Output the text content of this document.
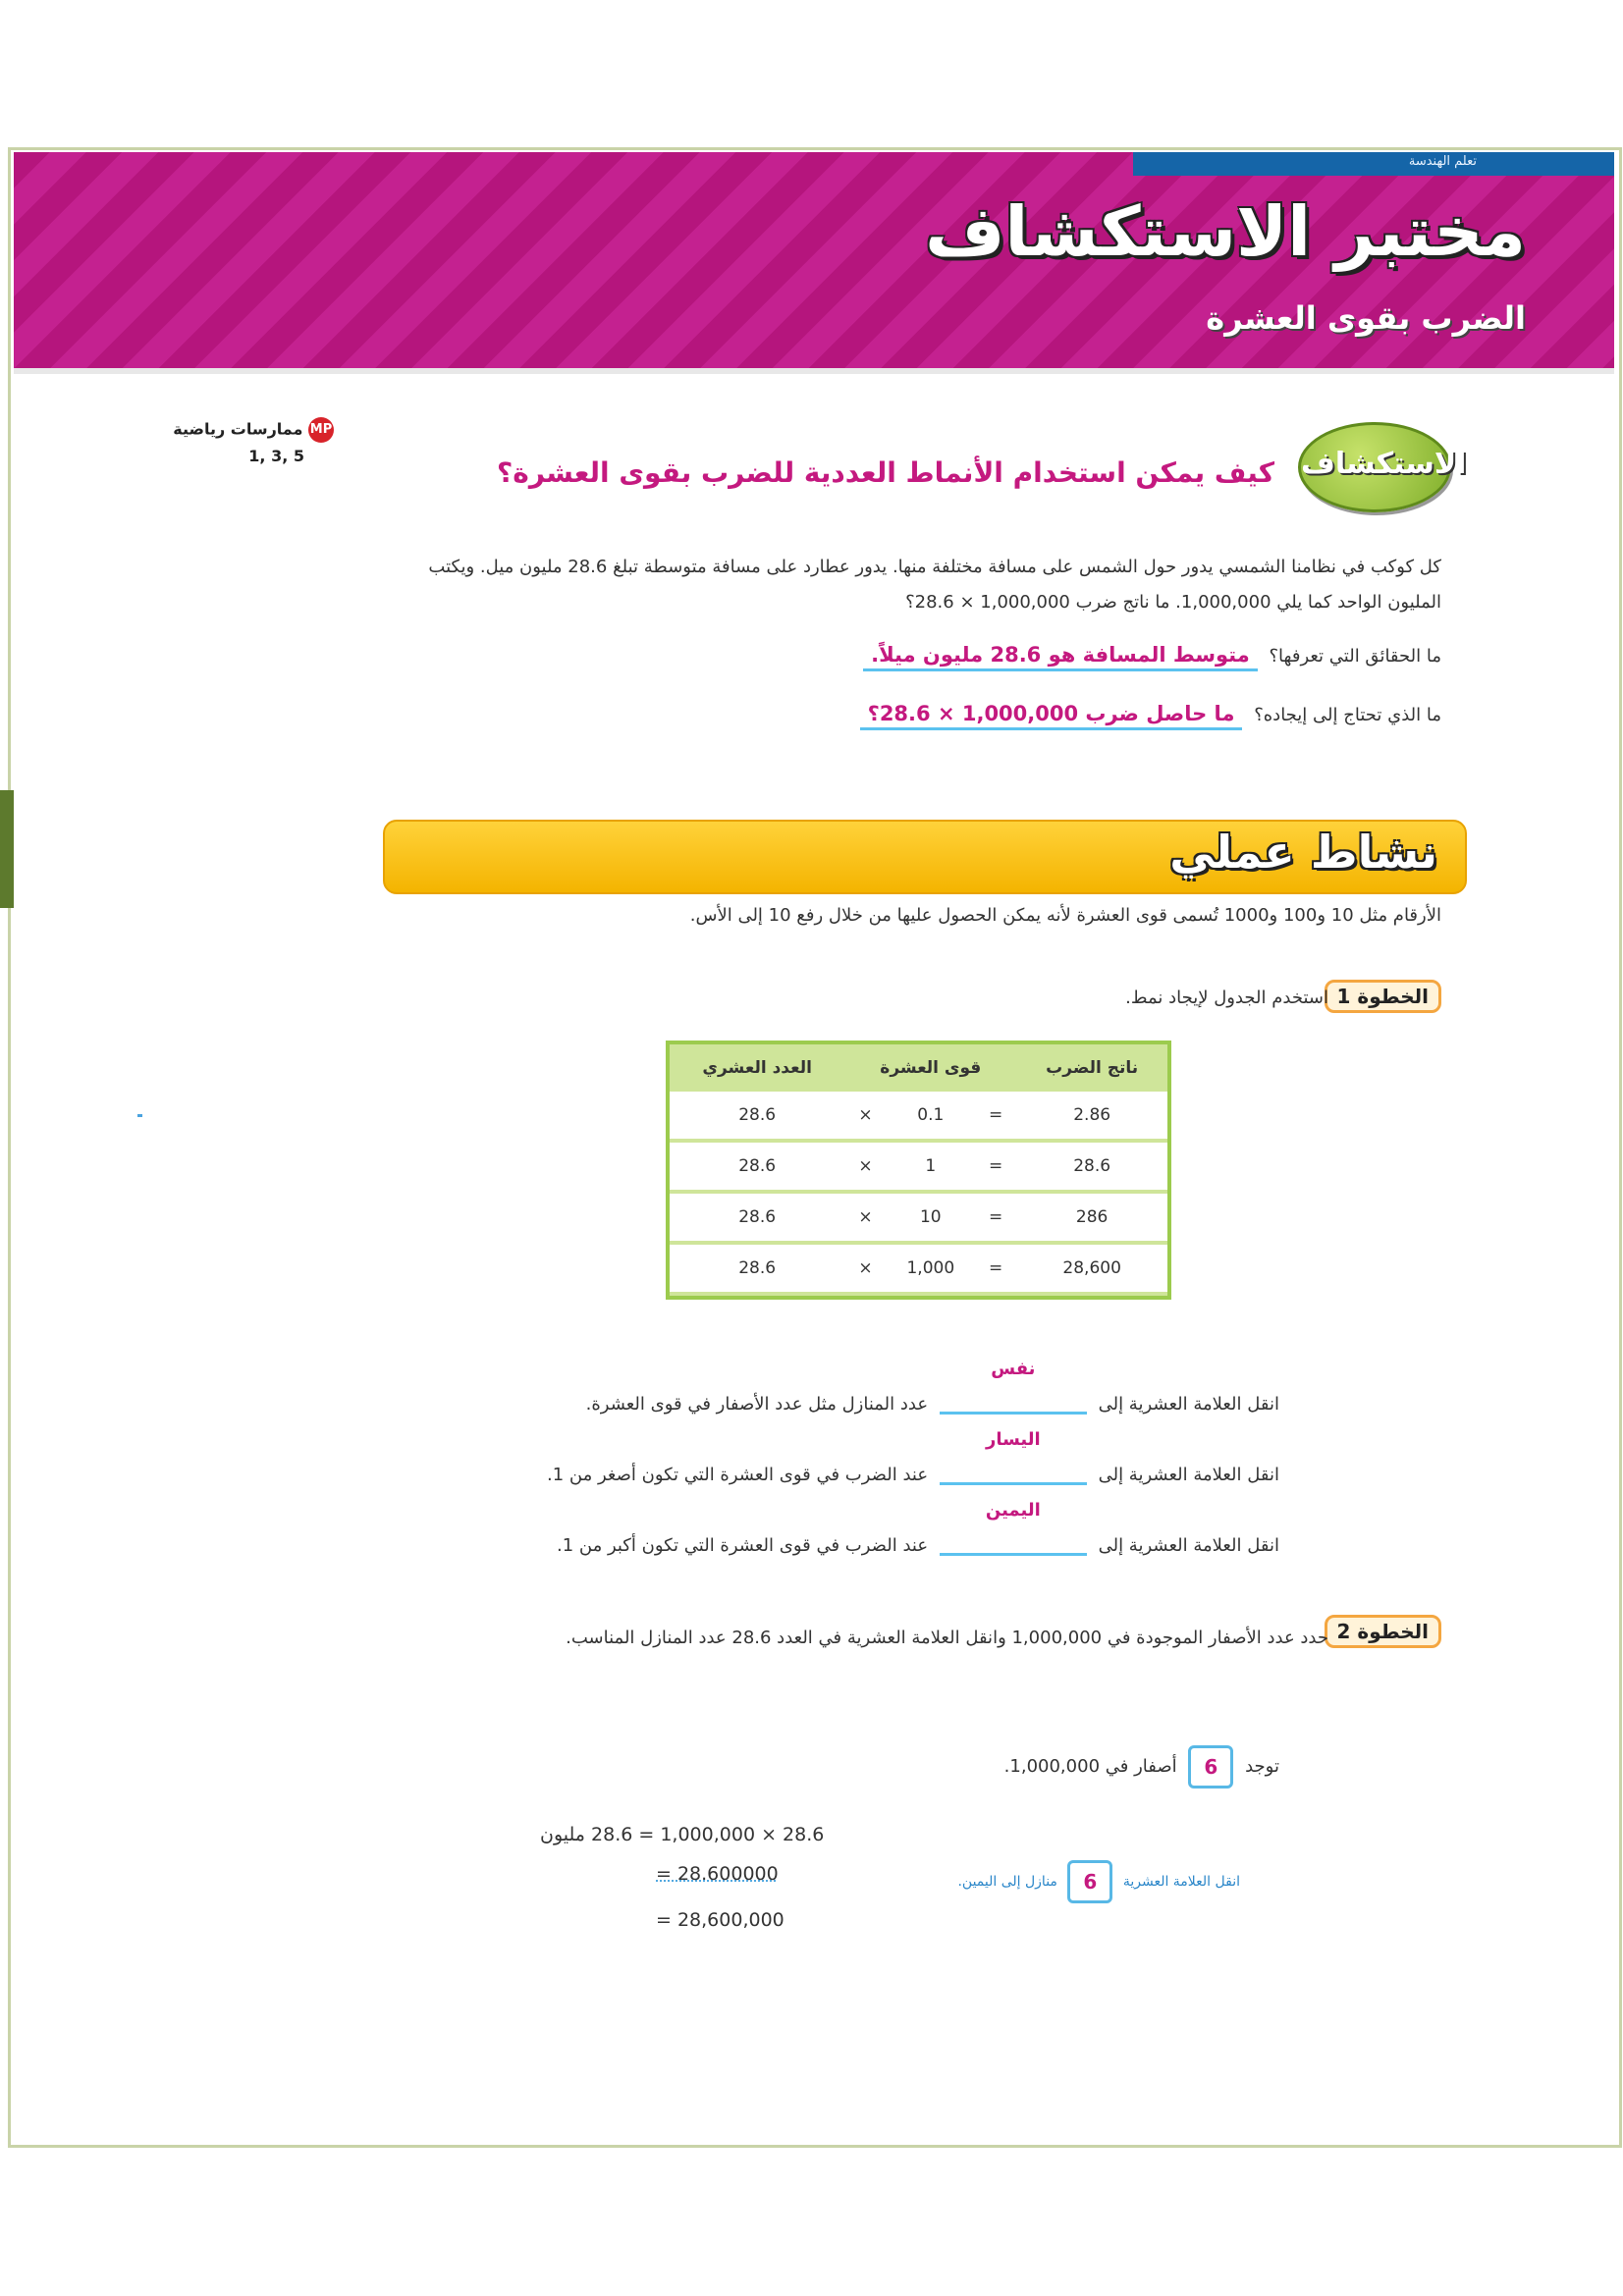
تعلم الهندسة
مختبر الاستكشاف
الضرب بقوى العشرة
ممارسات رياضية MP
1, 3, 5	الاستكشاف
كيف يمكن استخدام الأنماط العددية للضرب بقوى العشرة؟
كل كوكب في نظامنا الشمسي يدور حول الشمس على مسافة مختلفة منها. يدور عطارد على مسافة متوسطة تبلغ 28.6 مليون ميل. ويكتب المليون الواحد كما يلي 1,000,000. ما ناتج ضرب 1,000,000 × 28.6؟
ما الحقائق التي تعرفها؟ متوسط المسافة هو 28.6 مليون ميلاً.
ما الذي تحتاج إلى إيجاده؟ ما حاصل ضرب 1,000,000 × 28.6؟
نشاط عملي
الأرقام مثل 10 و100 و1000 تُسمى قوى العشرة لأنه يمكن الحصول عليها من خلال رفع 10 إلى الأس.
الخطوة 1
استخدم الجدول لإيجاد نمط.
ناتج الضرب	قوى العشرة			العدد العشري
2.86	=	0.1	×	28.6
28.6	=	1	×	28.6
286	=	10	×	28.6
28,600	=	1,000	×	28.6
انقل العلامة العشرية إلى
نفس
عدد المنازل مثل عدد الأصفار في قوى العشرة.
انقل العلامة العشرية إلى
اليسار
عند الضرب في قوى العشرة التي تكون أصغر من 1.
انقل العلامة العشرية إلى
اليمين
عند الضرب في قوى العشرة التي تكون أكبر من 1.
الخطوة 2
حدد عدد الأصفار الموجودة في 1,000,000 وانقل العلامة العشرية في العدد 28.6 عدد المنازل المناسب.
توجد 6 أصفار في 1,000,000.
28.6 × 1,000,000 = 28.6 مليون
= 28.600000
= 28,600,000
انقل العلامة العشرية 6 منازل إلى اليمين.
